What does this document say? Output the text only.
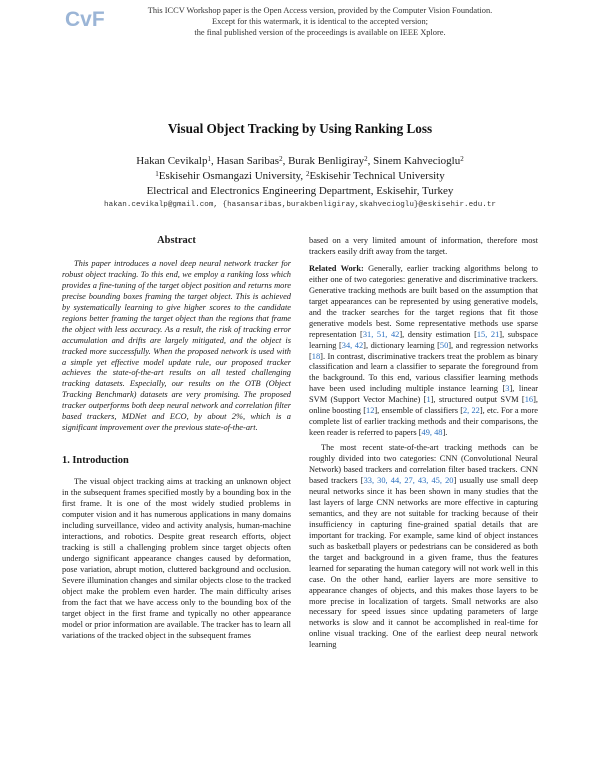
CvF	This ICCV Workshop paper is the Open Access version, provided by the Computer Vision Foundation.
Except for this watermark, it is identical to the accepted version;
the final published version of the proceedings is available on IEEE Xplore.
Visual Object Tracking by Using Ranking Loss
Hakan Cevikalp$^1$, Hasan Saribas$^2$, Burak Benligiray$^2$, Sinem Kahvecioglu$^2$
$^1$Eskisehir Osmangazi University, $^2$Eskisehir Technical University
Electrical and Electronics Engineering Department, Eskisehir, Turkey
hakan.cevikalp@gmail.com, {hasansaribas,burakbenligiray,skahvecioglu}@eskisehir.edu.tr
Abstract
This paper introduces a novel deep neural network tracker for robust object tracking. To this end, we employ a ranking loss which provides a fine-tuning of the target object position and returns more precise bounding boxes framing the target object. This is achieved by systematically learning to give higher scores to the candidate regions better framing the target object than the regions that frame the object with less accuracy. As a result, the risk of tracking error accumulation and drifts are largely mitigated, and the object is tracked more successfully. When the proposed network is used with a simple yet effective model update rule, our proposed tracker achieves the state-of-the-art results on all tested challenging tracking datasets. Especially, our results on the OTB (Object Tracking Benchmark) datasets are very promising. The proposed tracker outperforms both deep neural network and correlation filter based trackers, MDNet and ECO, by about 2%, which is a significant improvement over the previous state-of-the-art.
1. Introduction
The visual object tracking aims at tracking an unknown object in the subsequent frames specified mostly by a bounding box in the first frame. It is one of the most widely studied problems in computer vision and it has numerous applications in many domains including surveillance, video and activity analysis, human-machine interactions, and robotics. Despite great research efforts, object tracking is still a challenging problem since target objects often undergo significant appearance changes caused by deformation, pose variation, abrupt motion, cluttered background and occlusion. Severe illumination changes and similar objects close to the tracked object make the problem even harder. The main difficulty arises from the fact that we have access only to the bounding box of the target object in the first frame and typically no other appearance model or prior information are available. The tracker has to learn all variations of the tracked object in the subsequent frames
based on a very limited amount of information, therefore most trackers easily drift away from the target.
Related Work: Generally, earlier tracking algorithms belong to either one of two categories: generative and discriminative trackers. Generative tracking methods are built based on the assumption that target appearances can be represented by using generative models, and the tracker searches for the target regions that fit those generative models best. Some representative methods use sparse representation [31, 51, 42], density estimation [15, 21], subspace learning [34, 42], dictionary learning [50], and regression networks [18]. In contrast, discriminative trackers treat the problem as binary classification and learn a classifier to separate the foreground from the background. To this end, various classifier learning methods have been used including multiple instance learning [3], linear SVM (Support Vector Machine) [1], structured output SVM [16], online boosting [12], ensemble of classifiers [2, 22], etc. For a more complete list of earlier tracking methods and their comparisons, the keen reader is referred to papers [49, 48].
The most recent state-of-the-art tracking methods can be roughly divided into two categories: CNN (Convolutional Neural Network) based trackers and correlation filter based trackers. CNN based trackers [33, 30, 44, 27, 43, 45, 20] usually use small deep neural networks since it has been shown in many studies that the last layers of large CNN networks are more effective in capturing semantics, and they are not suitable for tracking because of their insufficiency in capturing fine-grained spatial details that are important for tracking. For example, same kind of object instances such as basketball players or pedestrians can be considered as both the target and background in a given frame, thus the features learned for separating the human category will not work well in this case. On the other hand, earlier layers are more sensitive to appearance changes of objects, and this makes those layers to be more precise in localization of targets. Small networks are also necessary for speed issues since updating parameters of large networks is slow and it cannot be accomplished in real-time for online visual tracking. One of the earliest deep neural network learning
